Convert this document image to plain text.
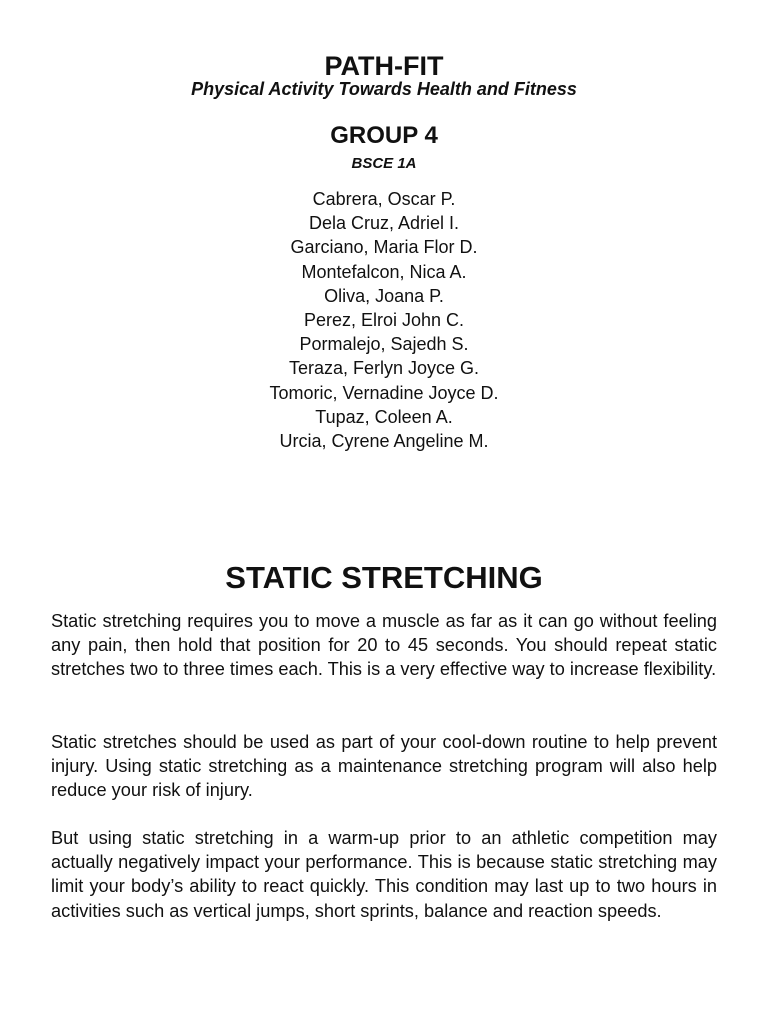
PATH-FIT

Physical Activity Towards Health and Fitness

GROUP 4

BSCE 1A

Cabrera, Oscar P.
Dela Cruz, Adriel I.
Garciano, Maria Flor D.
Montefalcon, Nica A.
Oliva, Joana P.
Perez, Elroi John C.
Pormalejo, Sajedh S.
Teraza, Ferlyn Joyce G.
Tomoric, Vernadine Joyce D.
Tupaz, Coleen A.
Urcia, Cyrene Angeline M.
STATIC STRETCHING

Static stretching requires you to move a muscle as far as it can go without feeling any pain, then hold that position for 20 to 45 seconds. You should repeat static stretches two to three times each. This is a very effective way to increase flexibility.

Static stretches should be used as part of your cool-down routine to help prevent injury. Using static stretching as a maintenance stretching program will also help reduce your risk of injury.

But using static stretching in a warm-up prior to an athletic competition may actually negatively impact your performance. This is because static stretching may limit your body’s ability to react quickly. This condition may last up to two hours in activities such as vertical jumps, short sprints, balance and reaction speeds.
